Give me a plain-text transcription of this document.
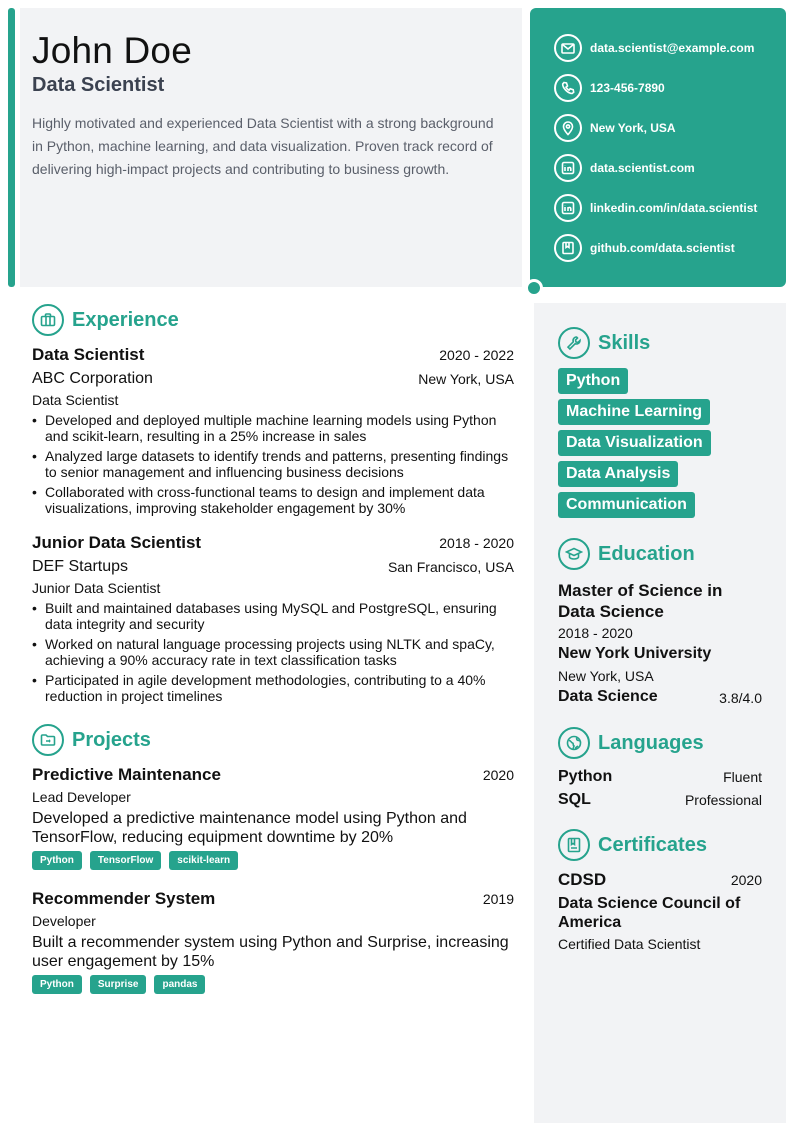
John Doe
Data Scientist
Highly motivated and experienced Data Scientist with a strong background in Python, machine learning, and data visualization. Proven track record of delivering high-impact projects and contributing to business growth.
data.scientist@example.com
123-456-7890
New York, USA
data.scientist.com
linkedin.com/in/data.scientist
github.com/data.scientist
Experience
Data Scientist	2020 - 2022
ABC Corporation	New York, USA
Data Scientist
• Developed and deployed multiple machine learning models using Python and scikit-learn, resulting in a 25% increase in sales
• Analyzed large datasets to identify trends and patterns, presenting findings to senior management and influencing business decisions
• Collaborated with cross-functional teams to design and implement data visualizations, improving stakeholder engagement by 30%
Junior Data Scientist	2018 - 2020
DEF Startups	San Francisco, USA
Junior Data Scientist
• Built and maintained databases using MySQL and PostgreSQL, ensuring data integrity and security
• Worked on natural language processing projects using NLTK and spaCy, achieving a 90% accuracy rate in text classification tasks
• Participated in agile development methodologies, contributing to a 40% reduction in project timelines
Projects
Predictive Maintenance	2020
Lead Developer
Developed a predictive maintenance model using Python and TensorFlow, reducing equipment downtime by 20%
Python	TensorFlow	scikit-learn
Recommender System	2019
Developer
Built a recommender system using Python and Surprise, increasing user engagement by 15%
Python	Surprise	pandas
Skills
Python
Machine Learning
Data Visualization
Data Analysis
Communication
Education
Master of Science in Data Science
2018 - 2020
New York University
New York, USA
Data Science	3.8/4.0
Languages
Python	Fluent
SQL	Professional
Certificates
CDSD	2020
Data Science Council of America
Certified Data Scientist
